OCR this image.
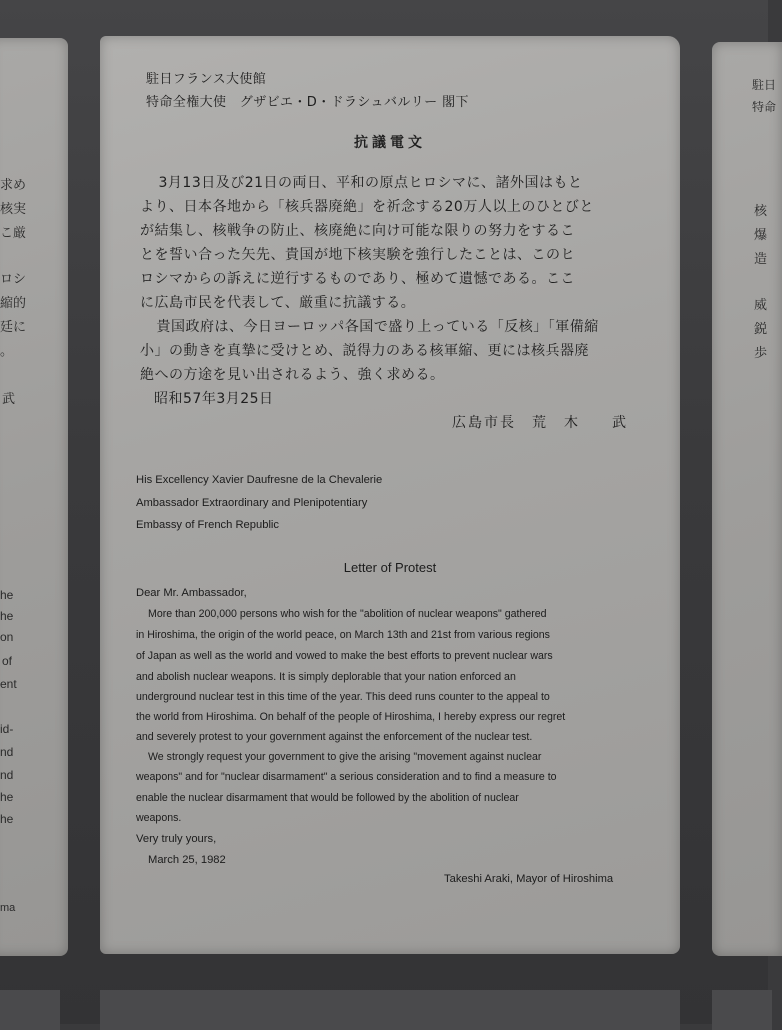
求め
核実
こ厳
ロシ
縮的
廷に
。
武
he
he
on
of
ent
id-
nd
nd
he
he
ma
駐日
特命
核
爆
造
威
鋭
歩
駐日フランス大使館
特命全権大使　グザビエ・D・ドラシュバルリー 閣下
抗議電文
　3月13日及び21日の両日、平和の原点ヒロシマに、諸外国はもと
より、日本各地から「核兵器廃絶」を祈念する20万人以上のひとびと
が結集し、核戦争の防止、核廃絶に向け可能な限りの努力をするこ
とを誓い合った矢先、貴国が地下核実験を強行したことは、このヒ
ロシマからの訴えに逆行するものであり、極めて遺憾である。ここ
に広島市民を代表して、厳重に抗議する。
　貴国政府は、今日ヨーロッパ各国で盛り上っている「反核」「軍備縮
小」の動きを真摯に受けとめ、説得力のある核軍縮、更には核兵器廃
絶への方途を見い出されるよう、強く求める。
昭和57年3月25日
広島市長　荒　木　　武
His Excellency Xavier Daufresne de la Chevalerie
Ambassador Extraordinary and Plenipotentiary
Embassy of French Republic
Letter of Protest
Dear Mr. Ambassador,
More than 200,000 persons who wish for the "abolition of nuclear weapons" gathered
in Hiroshima, the origin of the world peace, on March 13th and 21st from various regions
of Japan as well as the world and vowed to make the best efforts to prevent nuclear wars
and abolish nuclear weapons. It is simply deplorable that your nation enforced an
underground nuclear test in this time of the year. This deed runs counter to the appeal to
the world from Hiroshima. On behalf of the people of Hiroshima, I hereby express our regret
and severely protest to your government against the enforcement of the nuclear test.
We strongly request your government to give the arising "movement against nuclear
weapons" and for "nuclear disarmament" a serious consideration and to find a measure to
enable the nuclear disarmament that would be followed by the abolition of nuclear
weapons.
Very truly yours,
March 25, 1982
Takeshi Araki, Mayor of Hiroshima
